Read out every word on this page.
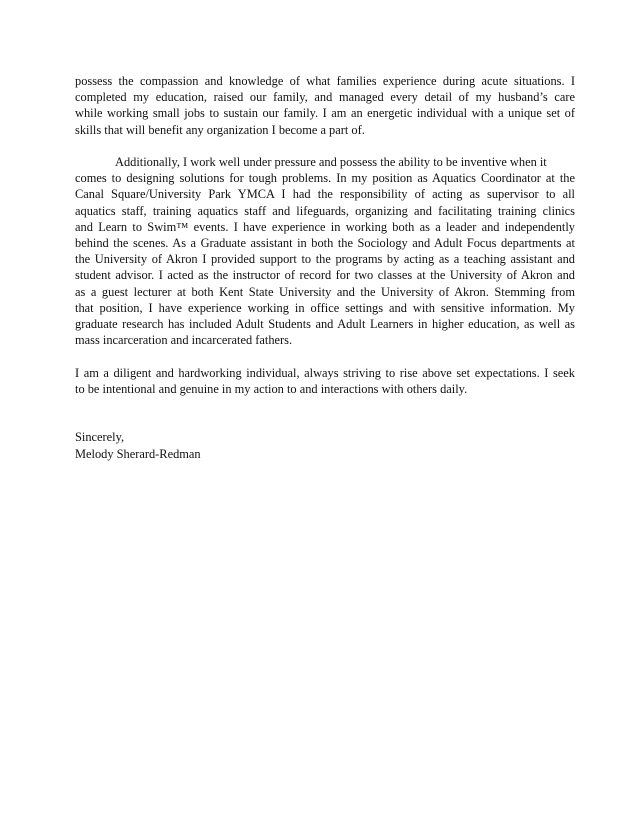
possess the compassion and knowledge of what families experience during acute situations. I
completed my education, raised our family, and managed every detail of my husband’s care
while working small jobs to sustain our family. I am an energetic individual with a unique set of
skills that will benefit any organization I become a part of.
Additionally, I work well under pressure and possess the ability to be inventive when it
comes to designing solutions for tough problems. In my position as Aquatics Coordinator at the
Canal Square/University Park YMCA I had the responsibility of acting as supervisor to all
aquatics staff, training aquatics staff and lifeguards, organizing and facilitating training clinics
and Learn to Swim™ events. I have experience in working both as a leader and independently
behind the scenes. As a Graduate assistant in both the Sociology and Adult Focus departments at
the University of Akron I provided support to the programs by acting as a teaching assistant and
student advisor. I acted as the instructor of record for two classes at the University of Akron and
as a guest lecturer at both Kent State University and the University of Akron. Stemming from
that position, I have experience working in office settings and with sensitive information. My
graduate research has included Adult Students and Adult Learners in higher education, as well as
mass incarceration and incarcerated fathers.
I am a diligent and hardworking individual, always striving to rise above set expectations. I seek
to be intentional and genuine in my action to and interactions with others daily.
Sincerely,
Melody Sherard-Redman
